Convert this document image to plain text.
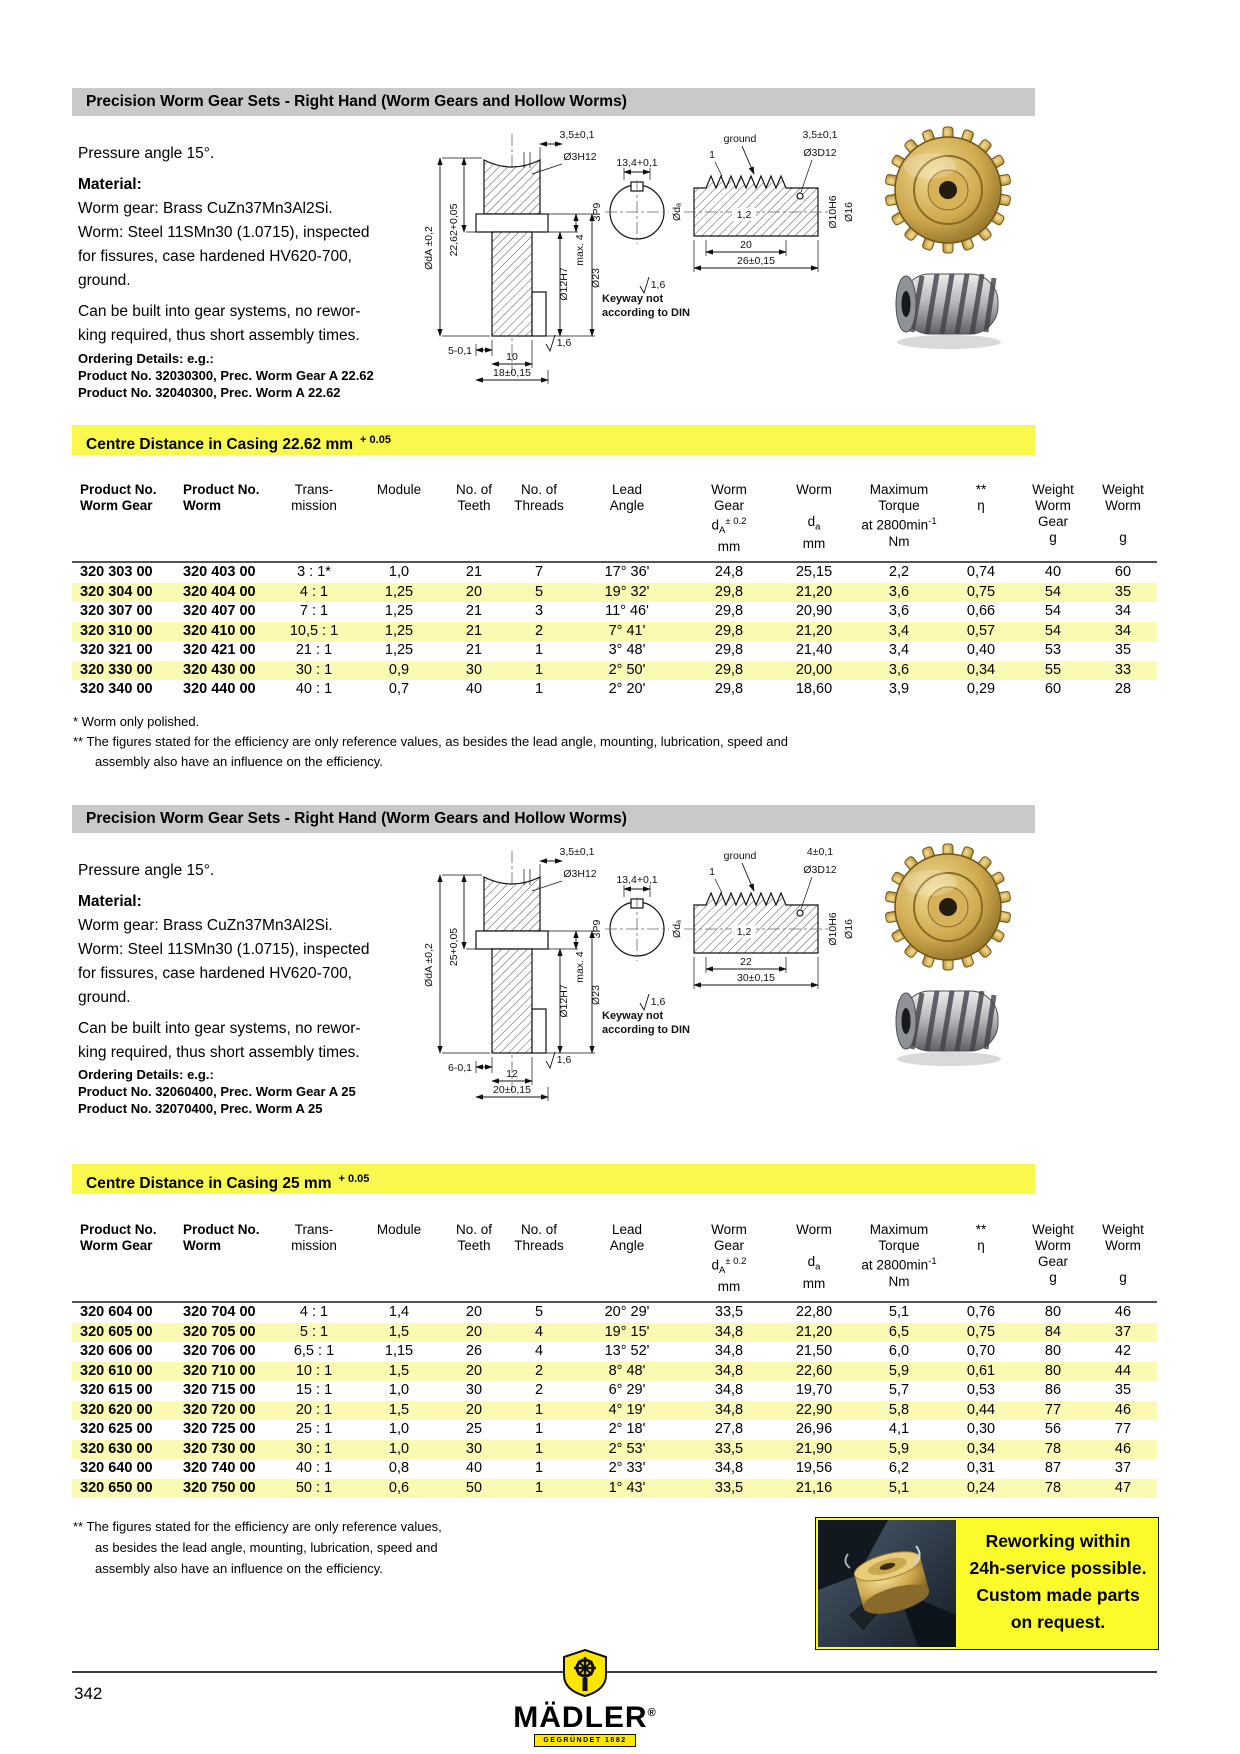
Precision Worm Gear Sets - Right Hand (Worm Gears and Hollow Worms)
Pressure angle 15°.
Material:
Worm gear: Brass CuZn37Mn3Al2Si.
Worm: Steel 11SMn30 (1.0715), inspected
for fissures, case hardened HV620-700,
ground.
Can be built into gear systems, no rewor-
king required, thus short assembly times.
Ordering Details: e.g.:
Product No. 32030300, Prec. Worm Gear A 22.62
Product No. 32040300, Prec. Worm A 22.62
3,5±0,1
Ø3H12
ØdA ±0,2 22,62+0,05
Ø12H7
max. 4
Ø23
5-0,1	10
18±0,15
1,6
13,4+0,1
3P9
ground
1
3,5±0,1
Ø3D12
1,2
20
26±0,15
Ødₐ	Ø10H6 Ø16
1,6
Keyway not
according to DIN
Centre Distance in Casing 22.62 mm $^{+ 0.05}$
Product No.
Worm Gear

Product No.
Worm

Trans-
mission

Module	No. of
Teeth

No. of
Threads

Lead
Angle

Worm
Gear
$d_A^{\pm 0.2}$
mm

Worm
$d_a$
mm

Maximum
Torque
at $2800\min^{-1}$
Nm

**
η

Weight
Worm
Gear
g

Weight
Worm
g

320 303 00	320 403 00	3 : 1*	1,0	21	7	17° 36'	24,8	25,15	2,2	0,74	40	60
320 304 00	320 404 00	4 : 1	1,25	20	5	19° 32'	29,8	21,20	3,6	0,75	54	35
320 307 00	320 407 00	7 : 1	1,25	21	3	11° 46'	29,8	20,90	3,6	0,66	54	34
320 310 00	320 410 00	10,5 : 1	1,25	21	2	7° 41'	29,8	21,20	3,4	0,57	54	34
320 321 00	320 421 00	21 : 1	1,25	21	1	3° 48'	29,8	21,40	3,4	0,40	53	35
320 330 00	320 430 00	30 : 1	0,9	30	1	2° 50'	29,8	20,00	3,6	0,34	55	33
320 340 00	320 440 00	40 : 1	0,7	40	1	2° 20'	29,8	18,60	3,9	0,29	60	28
* Worm only polished.
** The figures stated for the efficiency are only reference values, as besides the lead angle, mounting, lubrication, speed and
assembly also have an influence on the efficiency.
Precision Worm Gear Sets - Right Hand (Worm Gears and Hollow Worms)
Pressure angle 15°.
Material:
Worm gear: Brass CuZn37Mn3Al2Si.
Worm: Steel 11SMn30 (1.0715), inspected
for fissures, case hardened HV620-700,
ground.
Can be built into gear systems, no rewor-
king required, thus short assembly times.
Ordering Details: e.g.:
Product No. 32060400, Prec. Worm Gear A 25
Product No. 32070400, Prec. Worm A 25
3,5±0,1
Ø3H12
ØdA ±0,2 25+0,05
Ø12H7
max. 4
Ø23
6-0,1	12
20±0,15
1,6
13,4+0,1
3P9
ground
1
4±0,1
Ø3D12
1,2
22
30±0,15
Ødₐ	Ø10H6 Ø16
1,6
Keyway not
according to DIN
Centre Distance in Casing 25 mm $^{+ 0.05}$
Product No.
Worm Gear

Product No.
Worm

Trans-
mission

Module	No. of
Teeth

No. of
Threads

Lead
Angle

Worm
Gear
$d_A^{\pm 0.2}$
mm

Worm
$d_a$
mm

Maximum
Torque
at $2800\min^{-1}$
Nm

**
η

Weight
Worm
Gear
g

Weight
Worm
g

320 604 00	320 704 00	4 : 1	1,4	20	5	20° 29'	33,5	22,80	5,1	0,76	80	46
320 605 00	320 705 00	5 : 1	1,5	20	4	19° 15'	34,8	21,20	6,5	0,75	84	37
320 606 00	320 706 00	6,5 : 1	1,15	26	4	13° 52'	34,8	21,50	6,0	0,70	80	42
320 610 00	320 710 00	10 : 1	1,5	20	2	8° 48'	34,8	22,60	5,9	0,61	80	44
320 615 00	320 715 00	15 : 1	1,0	30	2	6° 29'	34,8	19,70	5,7	0,53	86	35
320 620 00	320 720 00	20 : 1	1,5	20	1	4° 19'	34,8	22,90	5,8	0,44	77	46
320 625 00	320 725 00	25 : 1	1,0	25	1	2° 18'	27,8	26,96	4,1	0,30	56	77
320 630 00	320 730 00	30 : 1	1,0	30	1	2° 53'	33,5	21,90	5,9	0,34	78	46
320 640 00	320 740 00	40 : 1	0,8	40	1	2° 33'	34,8	19,56	6,2	0,31	87	37
320 650 00	320 750 00	50 : 1	0,6	50	1	1° 43'	33,5	21,16	5,1	0,24	78	47
** The figures stated for the efficiency are only reference values,
as besides the lead angle, mounting, lubrication, speed and
assembly also have an influence on the efficiency.
Reworking within
24h-service possible.
Custom made parts
on request.
342
MÄDLER®
GEGRÜNDET 1882
